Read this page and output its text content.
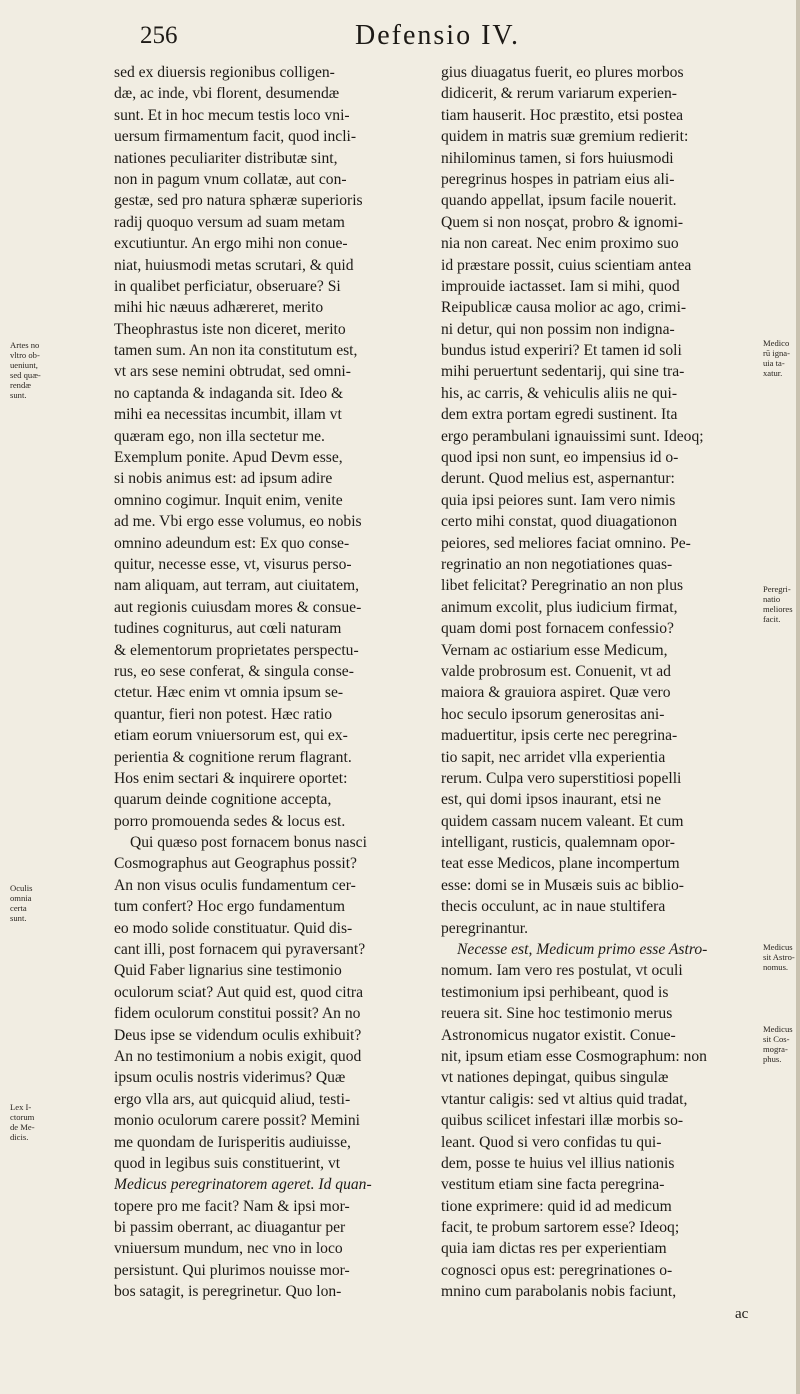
256	Defensio IV.
sed ex diuersis regionibus colligen-
dæ, ac inde, vbi florent, desumendæ
sunt. Et in hoc mecum testis loco vni-
uersum firmamentum facit, quod incli-
nationes peculiariter distributæ sint,
non in pagum vnum collatæ, aut con-
gestæ, sed pro natura sphæræ superioris
radij quoquo versum ad suam metam
excutiuntur. An ergo mihi non conue-
niat, huiusmodi metas scrutari, & quid
in qualibet perficiatur, obseruare? Si
mihi hic næuus adhæreret, merito
Theophrastus iste non diceret, merito
tamen sum. An non ita constitutum est,
vt ars sese nemini obtrudat, sed omni-
no captanda & indaganda sit. Ideo &
mihi ea necessitas incumbit, illam vt
quæram ego, non illa sectetur me.
Exemplum ponite. Apud Devm esse,
si nobis animus est: ad ipsum adire
omnino cogimur. Inquit enim, venite
ad me. Vbi ergo esse volumus, eo nobis
omnino adeundum est: Ex quo conse-
quitur, necesse esse, vt, visurus perso-
nam aliquam, aut terram, aut ciuitatem,
aut regionis cuiusdam mores & consue-
tudines cogniturus, aut cœli naturam
& elementorum proprietates perspectu-
rus, eo sese conferat, & singula conse-
ctetur. Hæc enim vt omnia ipsum se-
quantur, fieri non potest. Hæc ratio
etiam eorum vniuersorum est, qui ex-
perientia & cognitione rerum flagrant.
Hos enim sectari & inquirere oportet:
quarum deinde cognitione accepta,
porro promouenda sedes & locus est.
Qui quæso post fornacem bonus nasci
Cosmographus aut Geographus possit?
An non visus oculis fundamentum cer-
tum confert? Hoc ergo fundamentum
eo modo solide constituatur. Quid dis-
cant illi, post fornacem qui pyraversant?
Quid Faber lignarius sine testimonio
oculorum sciat? Aut quid est, quod citra
fidem oculorum constitui possit? An no
Deus ipse se videndum oculis exhibuit?
An no testimonium a nobis exigit, quod
ipsum oculis nostris viderimus? Quæ
ergo vlla ars, aut quicquid aliud, testi-
monio oculorum carere possit? Memini
me quondam de Iurisperitis audiuisse,
quod in legibus suis constituerint, vt
Medicus peregrinatorem ageret. Id quan-
topere pro me facit? Nam & ipsi mor-
bi passim oberrant, ac diuagantur per
vniuersum mundum, nec vno in loco
persistunt. Qui plurimos nouisse mor-
bos satagit, is peregrinetur. Quo lon-
gius diuagatus fuerit, eo plures morbos
didicerit, & rerum variarum experien-
tiam hauserit. Hoc præstito, etsi postea
quidem in matris suæ gremium redierit:
nihilominus tamen, si fors huiusmodi
peregrinus hospes in patriam eius ali-
quando appellat, ipsum facile nouerit.
Quem si non nosçat, probro & ignomi-
nia non careat. Nec enim proximo suo
id præstare possit, cuius scientiam antea
improuide iactasset. Iam si mihi, quod
Reipublicæ causa molior ac ago, crimi-
ni detur, qui non possim non indigna-
bundus istud experiri? Et tamen id soli
mihi peruertunt sedentarij, qui sine tra-
his, ac carris, & vehiculis aliis ne qui-
dem extra portam egredi sustinent. Ita
ergo perambulani ignauissimi sunt. Ideoq;
quod ipsi non sunt, eo impensius id o-
derunt. Quod melius est, aspernantur:
quia ipsi peiores sunt. Iam vero nimis
certo mihi constat, quod diuagationon
peiores, sed meliores faciat omnino. Pe-
regrinatio an non negotiationes quas-
libet felicitat? Peregrinatio an non plus
animum excolit, plus iudicium firmat,
quam domi post fornacem confessio?
Vernam ac ostiarium esse Medicum,
valde probrosum est. Conuenit, vt ad
maiora & grauiora aspiret. Quæ vero
hoc seculo ipsorum generositas ani-
maduertitur, ipsis certe nec peregrina-
tio sapit, nec arridet vlla experientia
rerum. Culpa vero superstitiosi popelli
est, qui domi ipsos inaurant, etsi ne
quidem cassam nucem valeant. Et cum
intelligant, rusticis, qualemnam opor-
teat esse Medicos, plane incompertum
esse: domi se in Musæis suis ac biblio-
thecis occulunt, ac in naue stultifera
peregrinantur.
Necesse est, Medicum primo esse Astro-
nomum. Iam vero res postulat, vt oculi
testimonium ipsi perhibeant, quod is
reuera sit. Sine hoc testimonio merus
Astronomicus nugator existit. Conue-
nit, ipsum etiam esse Cosmographum: non
vt nationes depingat, quibus singulæ
vtantur caligis: sed vt altius quid tradat,
quibus scilicet infestari illæ morbis so-
leant. Quod si vero confidas tu qui-
dem, posse te huius vel illius nationis
vestitum etiam sine facta peregrina-
tione exprimere: quid id ad medicum
facit, te probum sartorem esse? Ideoq;
quia iam dictas res per experientiam
cognosci opus est: peregrinationes o-
mnino cum parabolanis nobis faciunt,
Artes no
vltro ob-
ueniunt,
sed quæ-
rendæ
sunt.
Oculis
omnia
certa
sunt.
Lex I-
ctorum
de Me-
dicis.
Medico
rū igna-
uia ta-
xatur.
Peregri-
natio
meliores
facit.
Medicus
sit Astro-
nomus.
Medicus
sit Cos-
mogra-
phus.
ac
